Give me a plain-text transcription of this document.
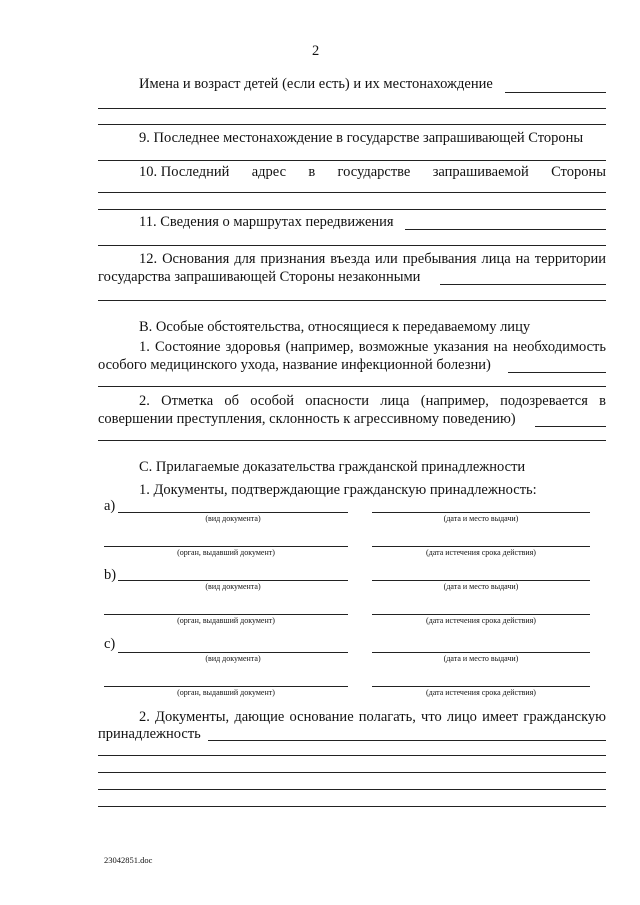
2
Имена и возраст детей (если есть) и их местонахождение
9. Последнее местонахождение в государстве запрашивающей Стороны
10. Последний адрес в государстве запрашиваемой Стороны
11. Сведения о маршрутах передвижения
12. Основания для признания въезда или пребывания лица на территории
государства запрашивающей Стороны незаконными
В. Особые обстоятельства, относящиеся к передаваемому лицу
1. Состояние здоровья (например, возможные указания на необходимость
особого медицинского ухода, название инфекционной болезни)
2. Отметка об особой опасности лица (например, подозревается в
совершении преступления, склонность к агрессивному поведению)
С. Прилагаемые доказательства гражданской принадлежности
1. Документы, подтверждающие гражданскую принадлежность:
a)
(вид документа)	(дата и место выдачи)
(орган, выдавший документ)	(дата истечения срока действия)
b)
(вид документа)	(дата и место выдачи)
(орган, выдавший документ)	(дата истечения срока действия)
c)
(вид документа)	(дата и место выдачи)
(орган, выдавший документ)	(дата истечения срока действия)
2. Документы, дающие основание полагать, что лицо имеет гражданскую
принадлежность
23042851.doc
